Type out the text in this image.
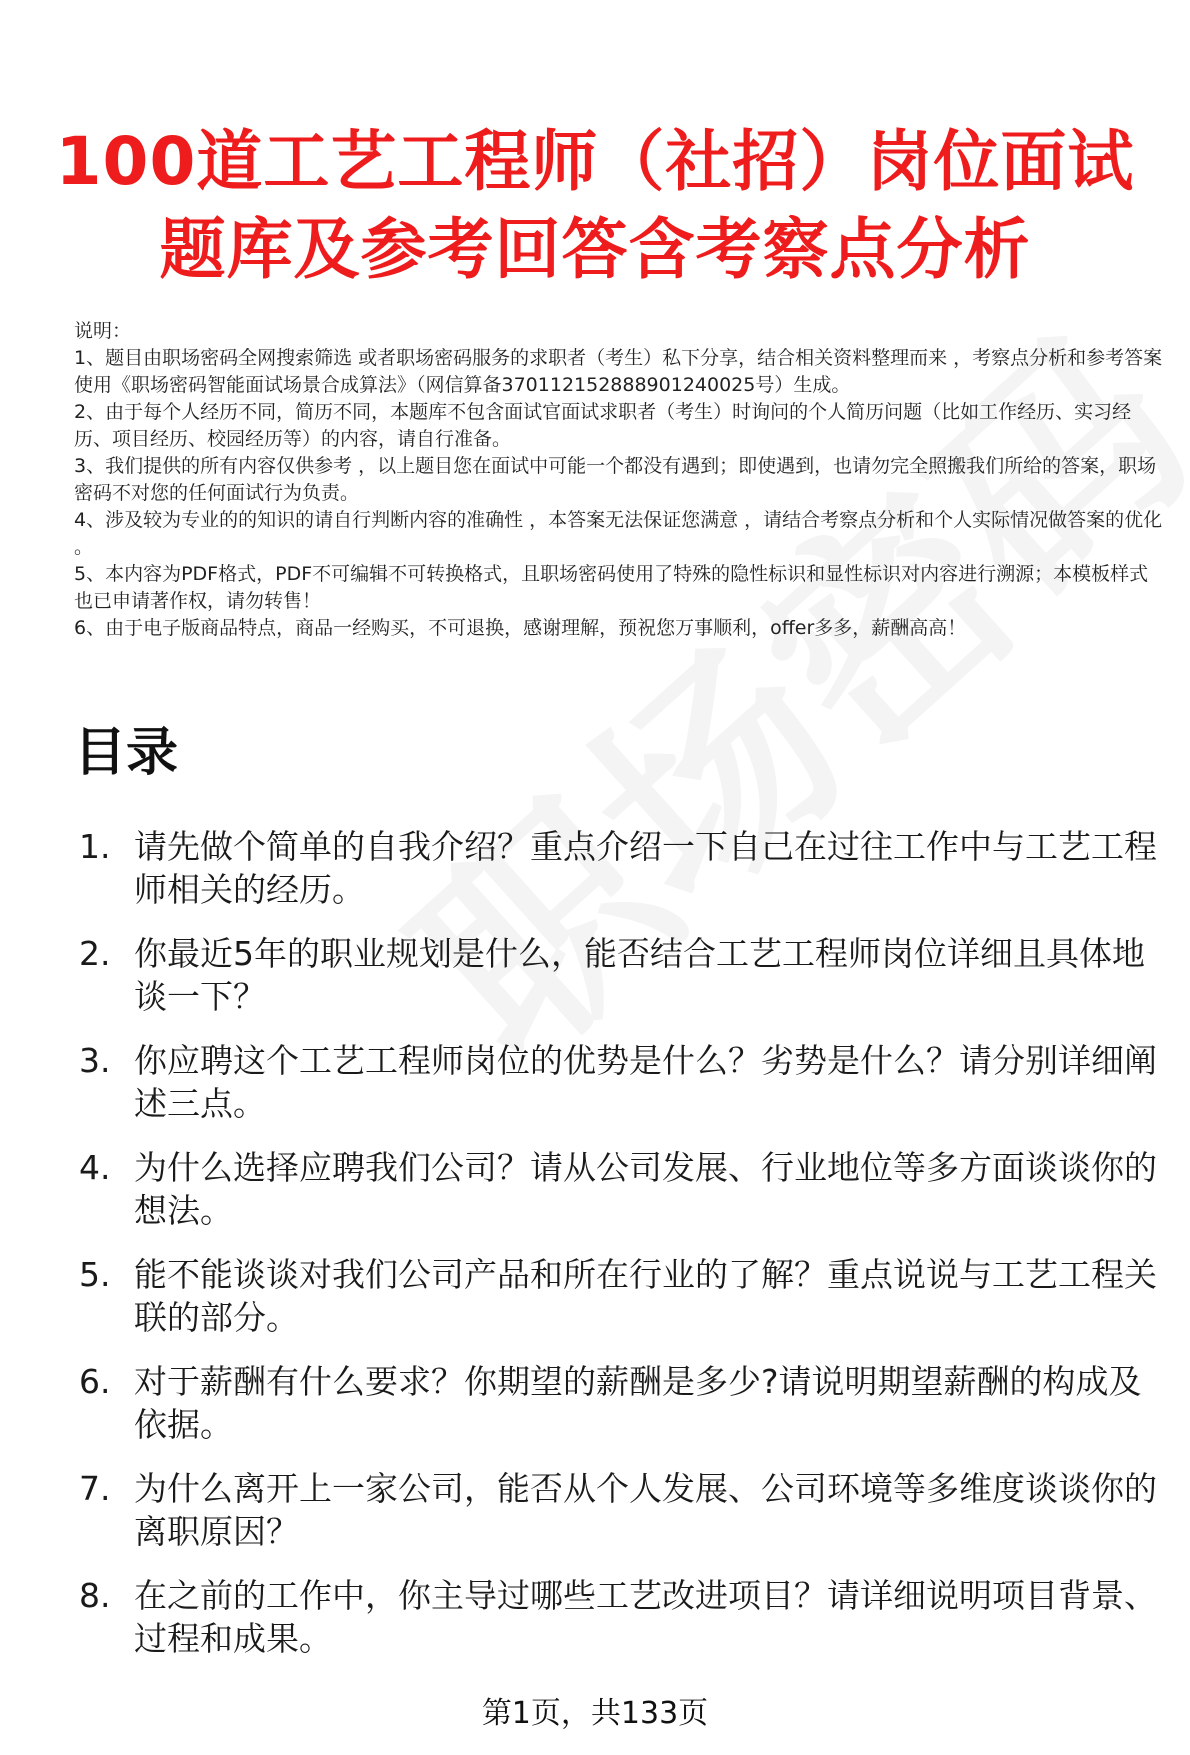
100道工艺工程师（社招）岗位面试
题库及参考回答含考察点分析

说明：

1、题目由职场密码全网搜索筛选 或者职场密码服务的求职者（考生）私下分享，结合相关资料整理而来 ，考察点分析和参考答案使用《职场密码智能面试场景合成算法》（网信算备370112152888901240025号）生成。

2、由于每个人经历不同，简历不同，本题库不包含面试官面试求职者（考生）时询问的个人简历问题（比如工作经历、实习经历、项目经历、校园经历等）的内容，请自行准备。

3、我们提供的所有内容仅供参考 ，以上题目您在面试中可能一个都没有遇到；即使遇到，也请勿完全照搬我们所给的答案，职场密码不对您的任何面试行为负责。

4、涉及较为专业的的知识的请自行判断内容的准确性 ，本答案无法保证您满意 ，请结合考察点分析和个人实际情况做答案的优化 。

5、本内容为PDF格式，PDF不可编辑不可转换格式，且职场密码使用了特殊的隐性标识和显性标识对内容进行溯源；本模板样式也已申请著作权，请勿转售！

6、由于电子版商品特点，商品一经购买，不可退换，感谢理解，预祝您万事顺利，offer多多，薪酬高高！

目录
1. 请先做个简单的自我介绍？重点介绍一下自己在过往工作中与工艺工程师相关的经历。
2. 你最近5年的职业规划是什么，能否结合工艺工程师岗位详细且具体地谈一下？
3. 你应聘这个工艺工程师岗位的优势是什么？劣势是什么？请分别详细阐述三点。
4. 为什么选择应聘我们公司？请从公司发展、行业地位等多方面谈谈你的想法。
5. 能不能谈谈对我们公司产品和所在行业的了解？重点说说与工艺工程关联的部分。
6. 对于薪酬有什么要求？你期望的薪酬是多少?请说明期望薪酬的构成及依据。
7. 为什么离开上一家公司，能否从个人发展、公司环境等多维度谈谈你的离职原因？
8. 在之前的工作中，你主导过哪些工艺改进项目？请详细说明项目背景、过程和成果。
第1页，共133页
